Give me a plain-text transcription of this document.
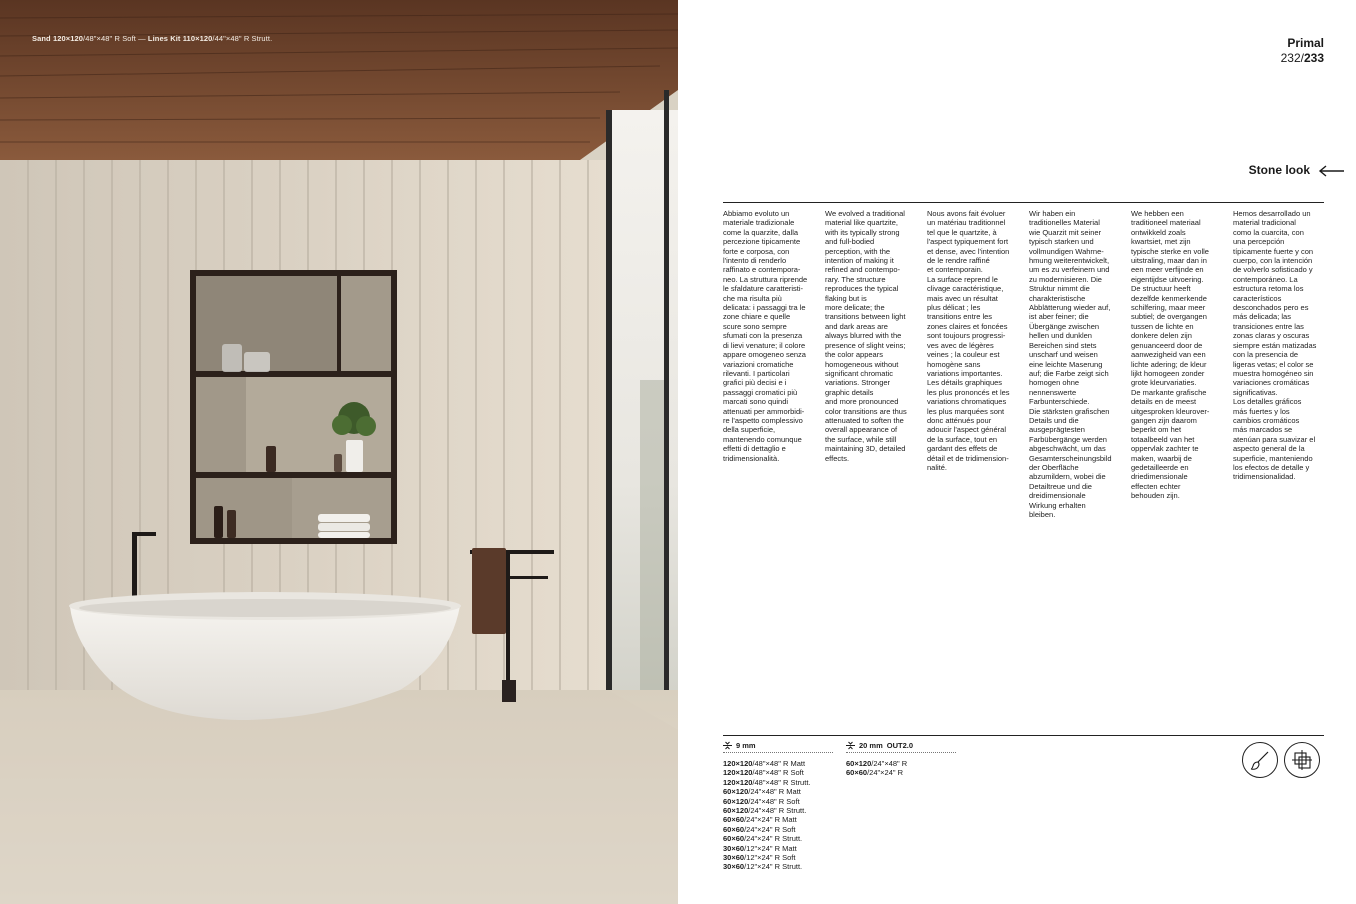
Sand 120×120/48"×48" R Soft — Lines Kit 110×120/44"×48" R Strutt.	Primal
232/233
Stone look
Abbiamo evoluto un
materiale tradizionale
come la quarzite, dalla
percezione tipicamente
forte e corposa, con
l'intento di renderlo
raffinato e contempora-
neo. La struttura riprende
le sfaldature caratteristi-
che ma risulta più
delicata: i passaggi tra le
zone chiare e quelle
scure sono sempre
sfumati con la presenza
di lievi venature; il colore
appare omogeneo senza
variazioni cromatiche
rilevanti. I particolari
grafici più decisi e i
passaggi cromatici più
marcati sono quindi
attenuati per ammorbidi-
re l'aspetto complessivo
della superficie,
mantenendo comunque
effetti di dettaglio e
tridimensionalità.
We evolved a traditional
material like quartzite,
with its typically strong
and full-bodied
perception, with the
intention of making it
refined and contempo-
rary. The structure
reproduces the typical
flaking but is
more delicate; the
transitions between light
and dark areas are
always blurred with the
presence of slight veins;
the color appears
homogeneous without
significant chromatic
variations. Stronger
graphic details
and more pronounced
color transitions are thus
attenuated to soften the
overall appearance of
the surface, while still
maintaining 3D, detailed
effects.
Nous avons fait évoluer
un matériau traditionnel
tel que le quartzite, à
l'aspect typiquement fort
et dense, avec l'intention
de le rendre raffiné
et contemporain.
La surface reprend le
clivage caractéristique,
mais avec un résultat
plus délicat ; les
transitions entre les
zones claires et foncées
sont toujours progressi-
ves avec de légères
veines ; la couleur est
homogène sans
variations importantes.
Les détails graphiques
les plus prononcés et les
variations chromatiques
les plus marquées sont
donc atténués pour
adoucir l'aspect général
de la surface, tout en
gardant des effets de
détail et de tridimension-
nalité.
Wir haben ein
traditionelles Material
wie Quarzit mit seiner
typisch starken und
vollmundigen Wahrne-
hmung weiterentwickelt,
um es zu verfeinern und
zu modernisieren. Die
Struktur nimmt die
charakteristische
Abblätterung wieder auf,
ist aber feiner; die
Übergänge zwischen
hellen und dunklen
Bereichen sind stets
unscharf und weisen
eine leichte Maserung
auf; die Farbe zeigt sich
homogen ohne
nennenswerte
Farbunterschiede.
Die stärksten grafischen
Details und die
ausgeprägtesten
Farbübergänge werden
abgeschwächt, um das
Gesamterscheinungsbild
der Oberfläche
abzumildern, wobei die
Detailtreue und die
dreidimensionale
Wirkung erhalten
bleiben.
We hebben een
traditioneel materiaal
ontwikkeld zoals
kwartsiet, met zijn
typische sterke en volle
uitstraling, maar dan in
een meer verfijnde en
eigentijdse uitvoering.
De structuur heeft
dezelfde kenmerkende
schilfering, maar meer
subtiel; de overgangen
tussen de lichte en
donkere delen zijn
genuanceerd door de
aanwezigheid van een
lichte adering; de kleur
lijkt homogeen zonder
grote kleurvariaties.
De markante grafische
details en de meest
uitgesproken kleurover-
gangen zijn daarom
beperkt om het
totaalbeeld van het
oppervlak zachter te
maken, waarbij de
gedetailleerde en
driedimensionale
effecten echter
behouden zijn.
Hemos desarrollado un
material tradicional
como la cuarcita, con
una percepción
típicamente fuerte y con
cuerpo, con la intención
de volverlo sofisticado y
contemporáneo. La
estructura retoma los
característicos
desconchados pero es
más delicada; las
transiciones entre las
zonas claras y oscuras
siempre están matizadas
con la presencia de
ligeras vetas; el color se
muestra homogéneo sin
variaciones cromáticas
significativas.
Los detalles gráficos
más fuertes y los
cambios cromáticos
más marcados se
atenúan para suavizar el
aspecto general de la
superficie, manteniendo
los efectos de detalle y
tridimensionalidad.
9 mm
120×120/48"×48" R Matt
120×120/48"×48" R Soft
120×120/48"×48" R Strutt.
60×120/24"×48" R Matt
60×120/24"×48" R Soft
60×120/24"×48" R Strutt.
60×60/24"×24" R Matt
60×60/24"×24" R Soft
60×60/24"×24" R Strutt.
30×60/12"×24" R Matt
30×60/12"×24" R Soft
30×60/12"×24" R Strutt.
20 mm OUT2.0
60×120/24"×48" R
60×60/24"×24" R
